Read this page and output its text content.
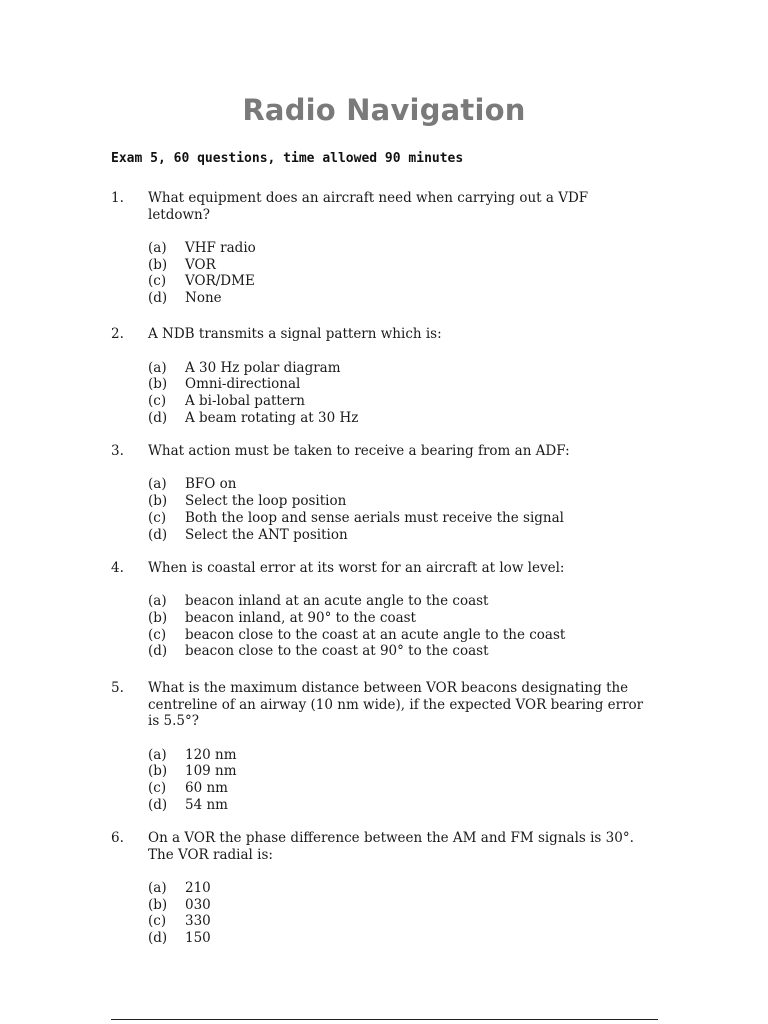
Radio Navigation
Exam 5, 60 questions, time allowed 90 minutes
1. What equipment does an aircraft need when carrying out a VDF
letdown?
(a) VHF radio
(b) VOR
(c) VOR/DME
(d) None
2. A NDB transmits a signal pattern which is:
(a) A 30 Hz polar diagram
(b) Omni-directional
(c) A bi-lobal pattern
(d) A beam rotating at 30 Hz
3. What action must be taken to receive a bearing from an ADF:
(a) BFO on
(b) Select the loop position
(c) Both the loop and sense aerials must receive the signal
(d) Select the ANT position
4. When is coastal error at its worst for an aircraft at low level:
(a) beacon inland at an acute angle to the coast
(b) beacon inland, at 90° to the coast
(c) beacon close to the coast at an acute angle to the coast
(d) beacon close to the coast at 90° to the coast
5. What is the maximum distance between VOR beacons designating the
centreline of an airway (10 nm wide), if the expected VOR bearing error
is 5.5°?
(a) 120 nm
(b) 109 nm
(c) 60 nm
(d) 54 nm
6. On a VOR the phase difference between the AM and FM signals is 30°.
The VOR radial is:
(a) 210
(b) 030
(c) 330
(d) 150
